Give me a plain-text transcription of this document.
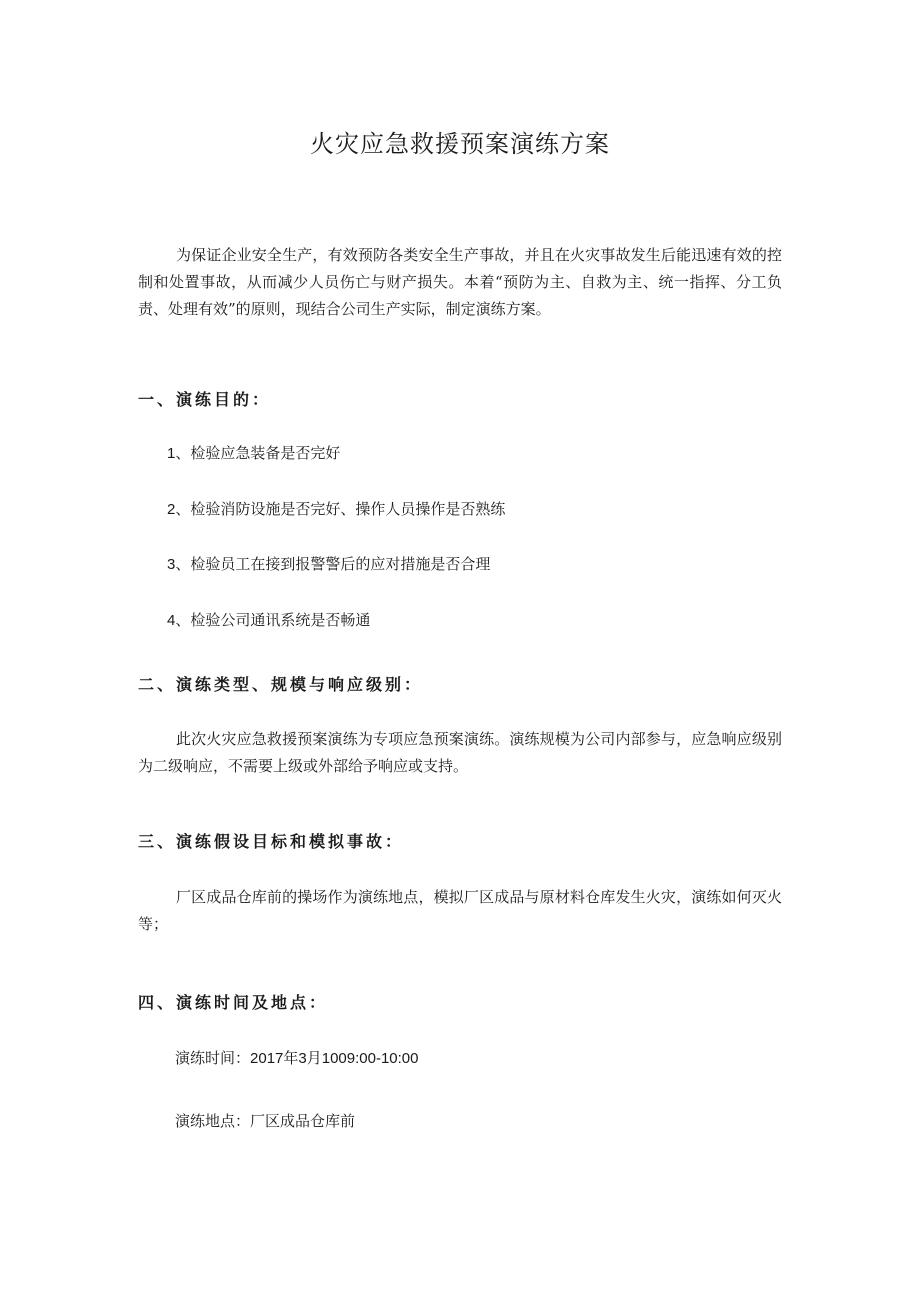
火灾应急救援预案演练方案
为保证企业安全生产，有效预防各类安全生产事故，并且在火灾事故发生后能迅速有效的控制和处置事故，从而减少人员伤亡与财产损失。本着“预防为主、自救为主、统一指挥、分工负责、处理有效”的原则，现结合公司生产实际，制定演练方案。
一、演练目的：
1、检验应急装备是否完好
2、检验消防设施是否完好、操作人员操作是否熟练
3、检验员工在接到报警警后的应对措施是否合理
4、检验公司通讯系统是否畅通
二、演练类型、规模与响应级别：
此次火灾应急救援预案演练为专项应急预案演练。演练规模为公司内部参与，应急响应级别为二级响应，不需要上级或外部给予响应或支持。
三、演练假设目标和模拟事故：
厂区成品仓库前的操场作为演练地点，模拟厂区成品与原材料仓库发生火灾，演练如何灭火等；
四、演练时间及地点：
演练时间：2017年3月1009:00-10:00
演练地点：厂区成品仓库前
